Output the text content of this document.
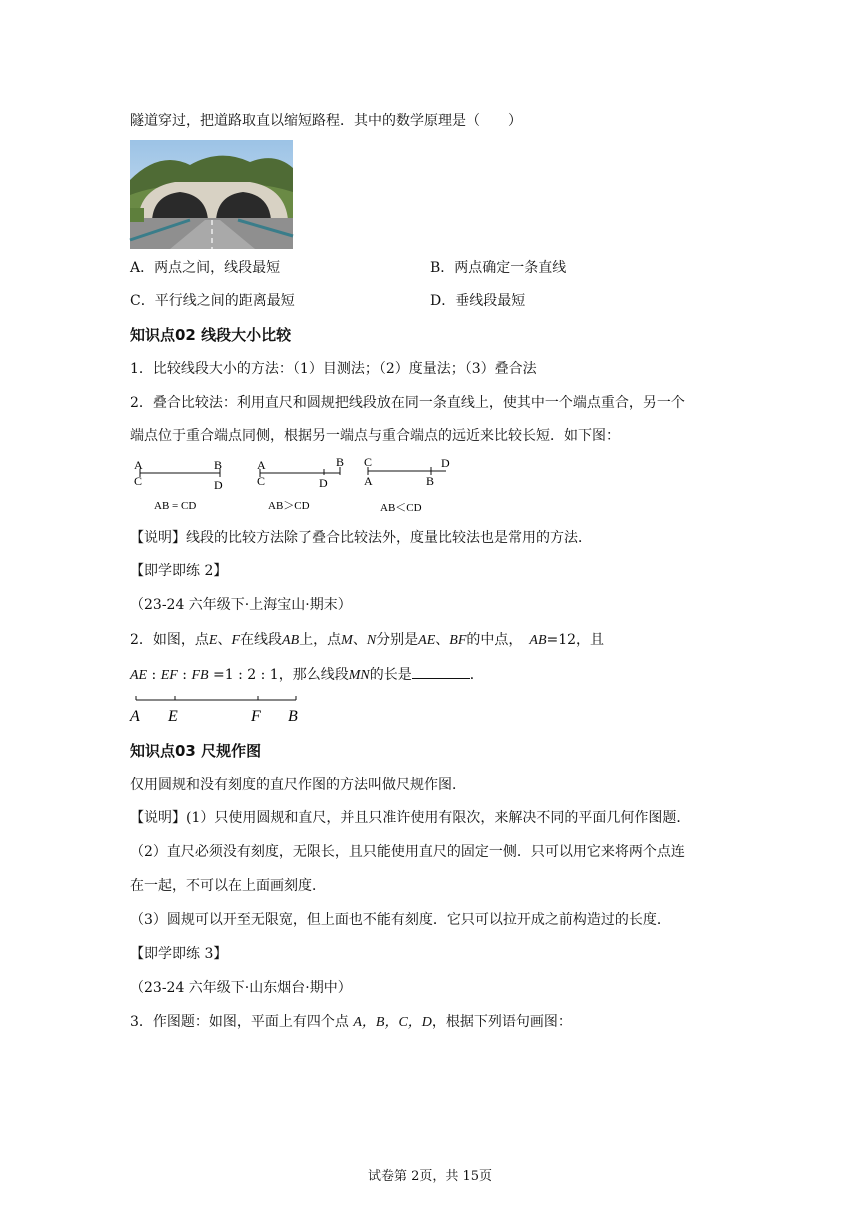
隧道穿过，把道路取直以缩短路程．其中的数学原理是（　　）
A．两点之间，线段最短	B．两点确定一条直线
C．平行线之间的距离最短	D．垂线段最短
知识点02 线段大小比较
1．比较线段大小的方法：（1）目测法；（2）度量法；（3）叠合法
2．叠合比较法：利用直尺和圆规把线段放在同一条直线上，使其中一个端点重合，另一个
端点位于重合端点同侧，根据另一端点与重合端点的远近来比较长短．如下图：
A	B
C	D
AB = CD
A	B
C	D
AB＞CD
C	D
A	B
AB＜CD
【说明】线段的比较方法除了叠合比较法外，度量比较法也是常用的方法．
【即学即练 2】
（23-24 六年级下·上海宝山·期末）
2．如图，点E、F在线段AB上，点M、N分别是AE、BF的中点，　 AB=12，且
AE : EF : FB =1 : 2 : 1，那么线段MN的长是	．
A E	F B
知识点03 尺规作图
仅用圆规和没有刻度的直尺作图的方法叫做尺规作图．
【说明】(1）只使用圆规和直尺，并且只准许使用有限次，来解决不同的平面几何作图题．
（2）直尺必须没有刻度，无限长，且只能使用直尺的固定一侧．只可以用它来将两个点连
在一起，不可以在上面画刻度．
（3）圆规可以开至无限宽，但上面也不能有刻度．它只可以拉开成之前构造过的长度．
【即学即练 3】
（23-24 六年级下·山东烟台·期中）
3．作图题：如图，平面上有四个点 A，B，C，D，根据下列语句画图：
试卷第 2页，共 15页
